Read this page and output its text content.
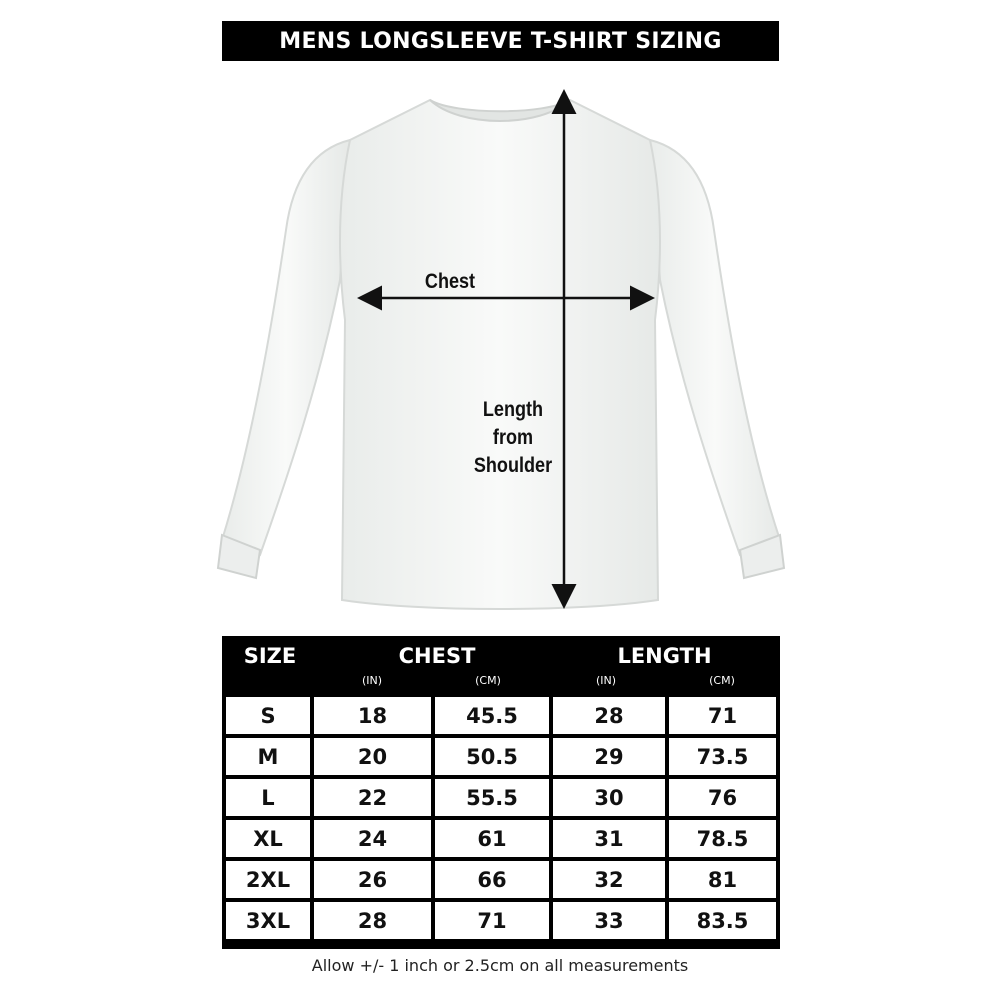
MENS LONGSLEEVE T-SHIRT SIZING
Chest
Length
from
Shoulder
SIZE	CHEST	LENGTH
(IN)	(CM)	(IN)	(CM)
S	18	45.5	28	71
M	20	50.5	29	73.5
L	22	55.5	30	76
XL	24	61	31	78.5
2XL	26	66	32	81
3XL	28	71	33	83.5
Allow +/- 1 inch or 2.5cm on all measurements
